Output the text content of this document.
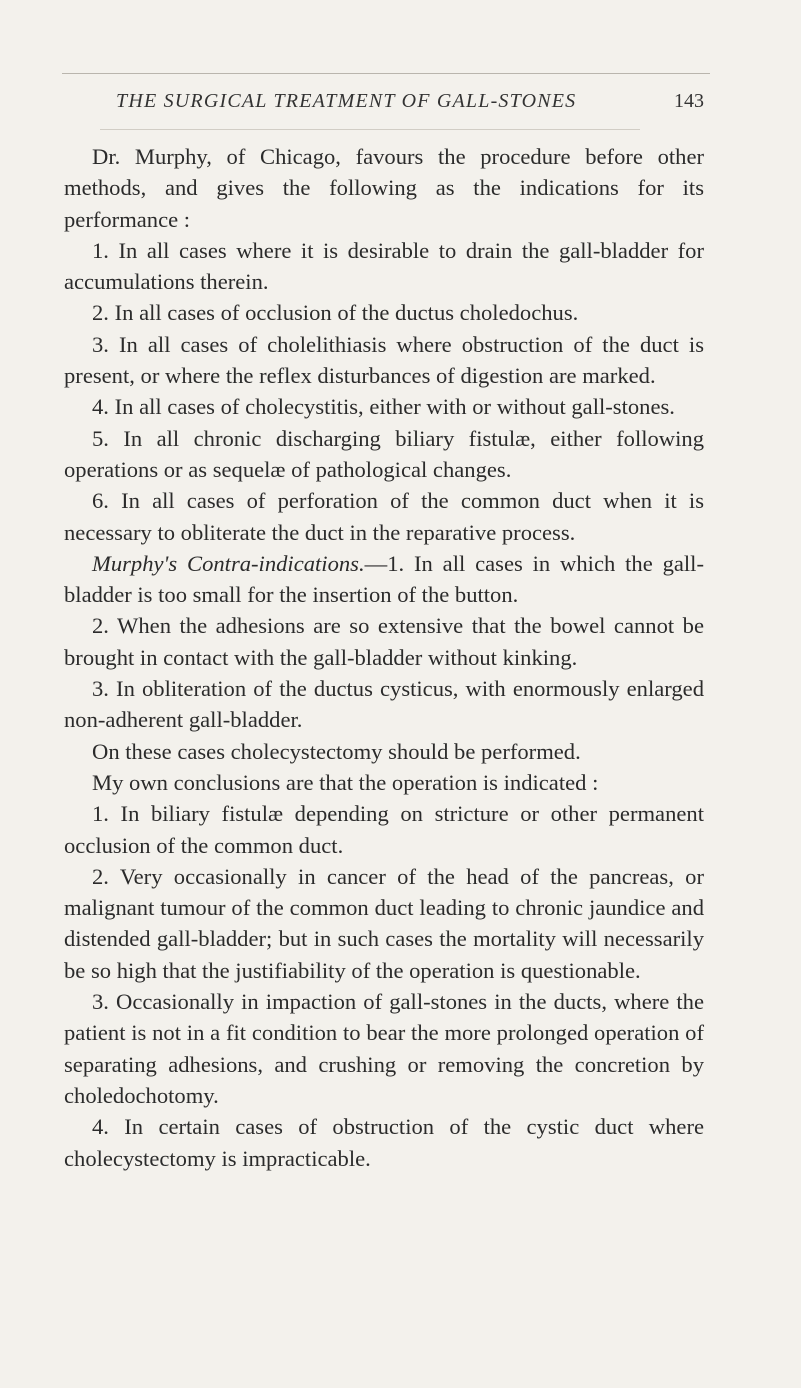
THE SURGICAL TREATMENT OF GALL-STONES	143

Dr. Murphy, of Chicago, favours the procedure before other methods, and gives the following as the indications for its performance :

1. In all cases where it is desirable to drain the gall-bladder for accumulations therein.

2. In all cases of occlusion of the ductus choledochus.

3. In all cases of cholelithiasis where obstruction of the duct is present, or where the reflex disturbances of digestion are marked.

4. In all cases of cholecystitis, either with or without gall-stones.

5. In all chronic discharging biliary fistulæ, either following operations or as sequelæ of pathological changes.

6. In all cases of perforation of the common duct when it is necessary to obliterate the duct in the reparative process.

Murphy's Contra-indications.—1. In all cases in which the gall-bladder is too small for the insertion of the button.

2. When the adhesions are so extensive that the bowel cannot be brought in contact with the gall-bladder without kinking.

3. In obliteration of the ductus cysticus, with enormously enlarged non-adherent gall-bladder.

On these cases cholecystectomy should be performed.

My own conclusions are that the operation is indicated :

1. In biliary fistulæ depending on stricture or other permanent occlusion of the common duct.

2. Very occasionally in cancer of the head of the pancreas, or malignant tumour of the common duct leading to chronic jaundice and distended gall-bladder; but in such cases the mortality will necessarily be so high that the justifiability of the operation is questionable.

3. Occasionally in impaction of gall-stones in the ducts, where the patient is not in a fit condition to bear the more prolonged operation of separating adhesions, and crushing or removing the concretion by choledochotomy.

4. In certain cases of obstruction of the cystic duct where cholecystectomy is impracticable.
